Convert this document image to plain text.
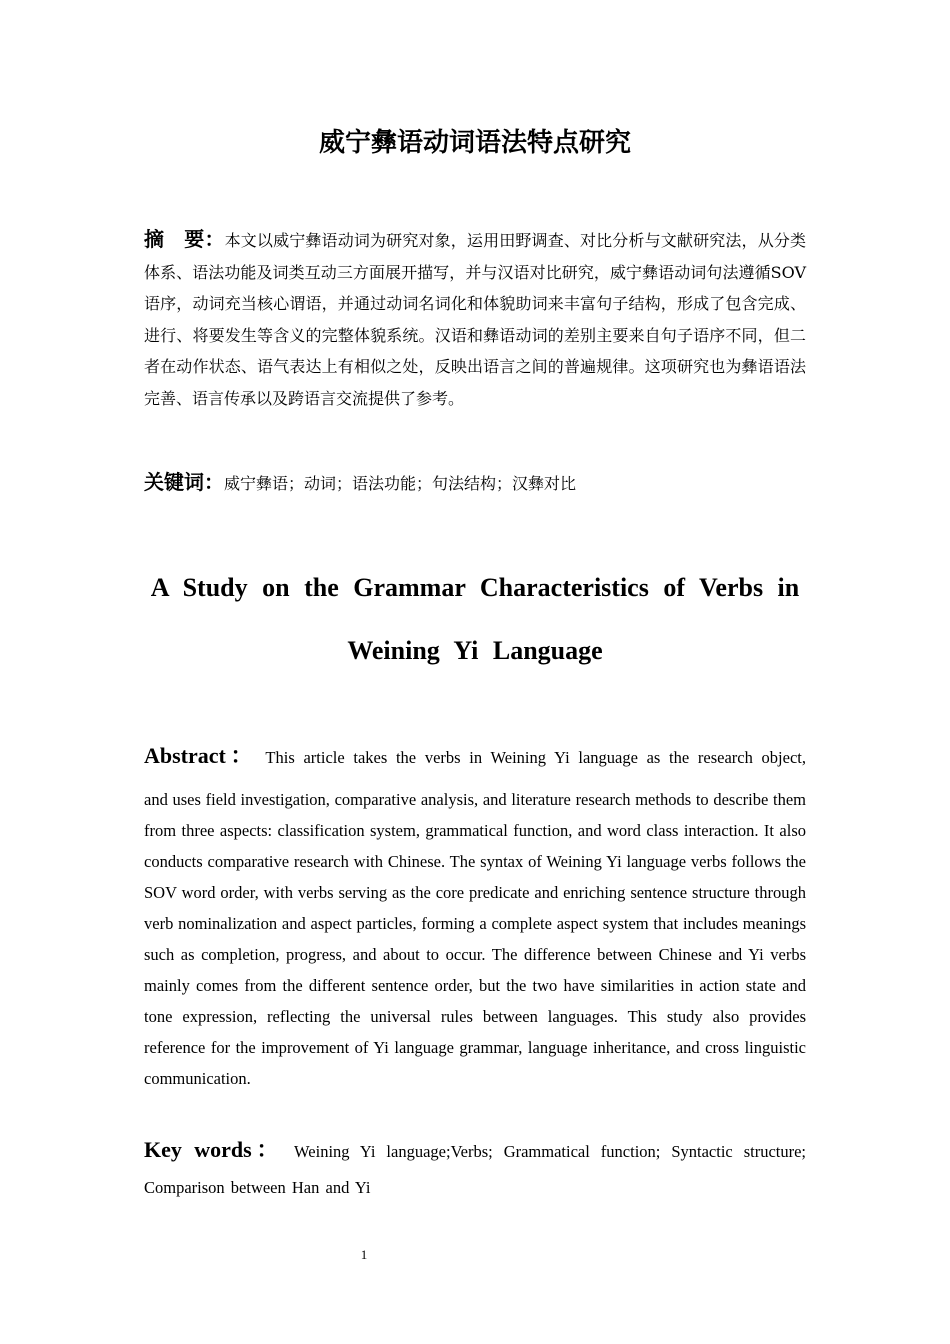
威宁彝语动词语法特点研究
摘　要：本文以威宁彝语动词为研究对象，运用田野调查、对比分析与文献研究法，从分类体系、语法功能及词类互动三方面展开描写，并与汉语对比研究，威宁彝语动词句法遵循SOV语序，动词充当核心谓语，并通过动词名词化和体貌助词来丰富句子结构，形成了包含完成、进行、将要发生等含义的完整体貌系统。汉语和彝语动词的差别主要来自句子语序不同，但二者在动作状态、语气表达上有相似之处，反映出语言之间的普遍规律。这项研究也为彝语语法完善、语言传承以及跨语言交流提供了参考。
关键词：威宁彝语；动词；语法功能；句法结构；汉彝对比
A Study on the Grammar Characteristics of Verbs in
Weining Yi Language
Abstract： This article takes the verbs in Weining Yi language as the research object,
and uses field investigation, comparative analysis, and literature research methods to describe them from three aspects: classification system, grammatical function, and word class interaction. It also conducts comparative research with Chinese. The syntax of Weining Yi language verbs follows the SOV word order, with verbs serving as the core predicate and enriching sentence structure through verb nominalization and aspect particles, forming a complete aspect system that includes meanings such as completion, progress, and about to occur. The difference between Chinese and Yi verbs mainly comes from the different sentence order, but the two have similarities in action state and tone expression, reflecting the universal rules between languages. This study also provides reference for the improvement of Yi language grammar, language inheritance, and cross linguistic communication.
Key words： Weining Yi language;Verbs; Grammatical function; Syntactic structure; Comparison between Han and Yi
1
